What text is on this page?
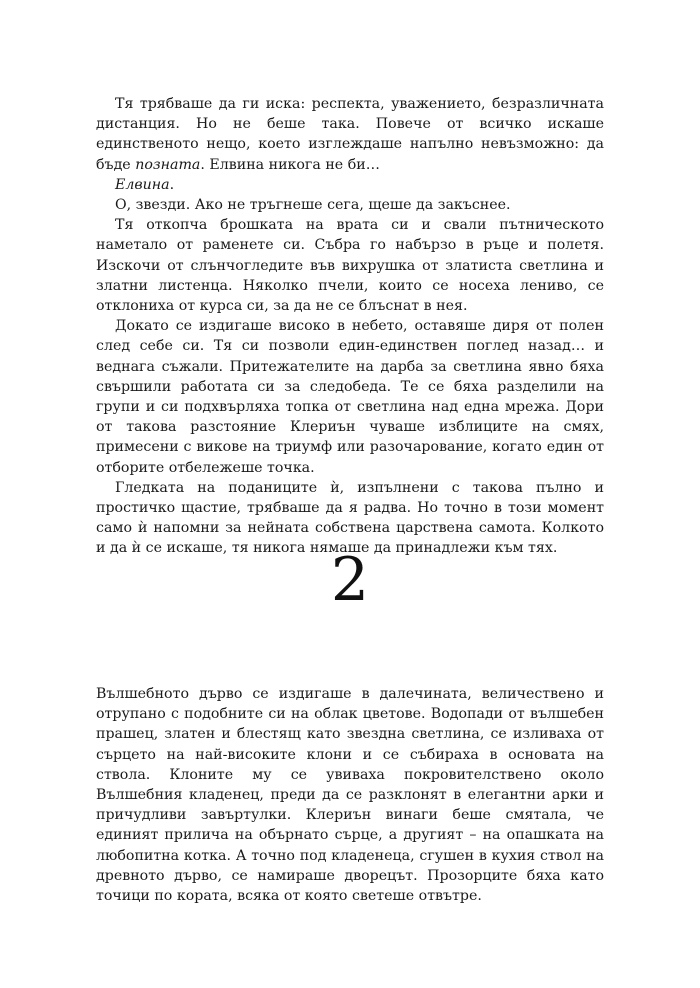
Тя трябваше да ги иска: респекта, уважението, безразличната дистанция. Но не беше така. Повече от всичко искаше единственото нещо, което изглеждаше напълно невъзможно: да бъде позната. Елвина никога не би…

Елвина.

О, звезди. Ако не тръгнеше сега, щеше да закъснее.

Тя откопча брошката на врата си и свали пътническото наметало от раменете си. Събра го набързо в ръце и полетя. Изскочи от слънчогледите във вихрушка от златиста светлина и златни листенца. Няколко пчели, които се носеха лениво, се отклониха от курса си, за да не се блъснат в нея.

Докато се издигаше високо в небето, оставяше диря от полен след себе си. Тя си позволи един-единствен поглед назад… и веднага съжали. Притежателите на дарба за светлина явно бяха свършили работата си за следобеда. Те се бяха разделили на групи и си подхвърляха топка от светлина над една мрежа. Дори от такова разстояние Клериън чуваше изблиците на смях, примесени с викове на триумф или разочарование, когато един от отборите отбележеше точка.

Гледката на поданиците ѝ, изпълнени с такова пълно и простичко щастие, трябваше да я радва. Но точно в този момент само ѝ напомни за нейната собствена царствена самота. Колкото и да ѝ се искаше, тя никога нямаше да принадлежи към тях.

2

Вълшебното дърво се издигаше в далечината, величествено и отрупано с подобните си на облак цветове. Водопади от вълшебен прашец, златен и блестящ като звездна светлина, се изливаха от сърцето на най-високите клони и се събираха в основата на ствола. Клоните му се увиваха покровителствено около Вълшебния кладенец, преди да се разклонят в елегантни арки и причудливи завъртулки. Клериън винаги беше смятала, че единият прилича на обърнато сърце, а другият – на опашката на любопитна котка. А точно под кладенеца, сгушен в кухия ствол на древното дърво, се намираше дворецът. Прозорците бяха като точици по кората, всяка от която светеше отвътре.
